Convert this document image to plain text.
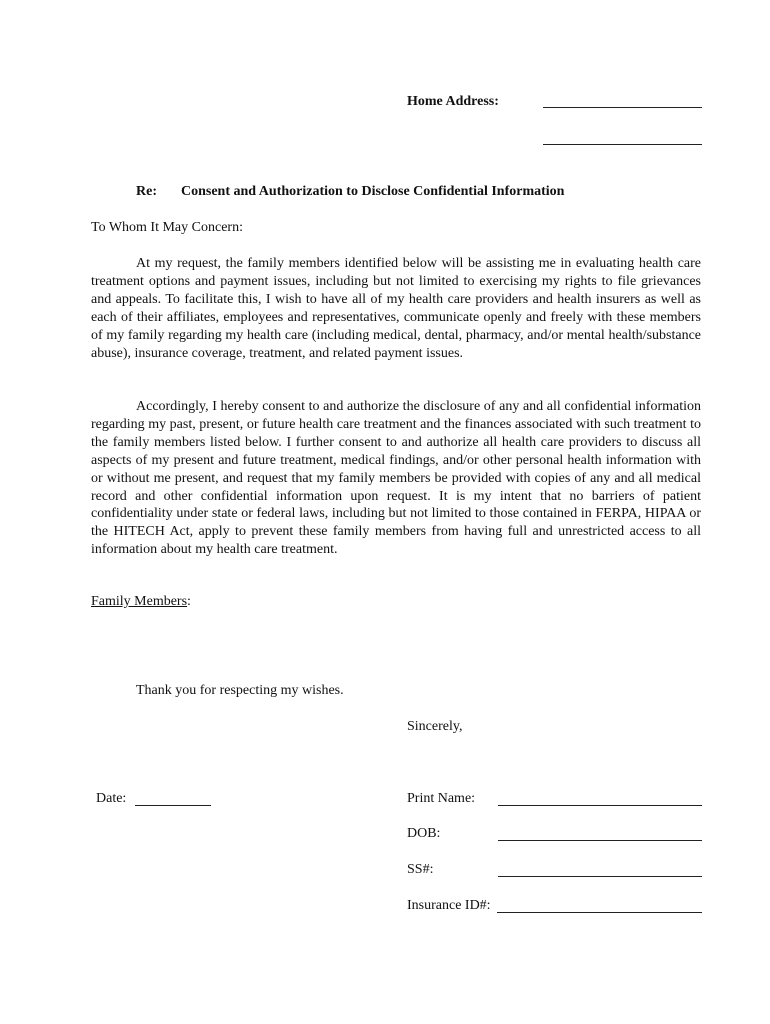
Home Address:
Re: Consent and Authorization to Disclose Confidential Information
To Whom It May Concern:

At my request, the family members identified below will be assisting me in evaluating health care treatment options and payment issues, including but not limited to exercising my rights to file grievances and appeals. To facilitate this, I wish to have all of my health care providers and health insurers as well as each of their affiliates, employees and representatives, communicate openly and freely with these members of my family regarding my health care (including medical, dental, pharmacy, and/or mental health/substance abuse), insurance coverage, treatment, and related payment issues.

Accordingly, I hereby consent to and authorize the disclosure of any and all confidential information regarding my past, present, or future health care treatment and the finances associated with such treatment to the family members listed below. I further consent to and authorize all health care providers to discuss all aspects of my present and future treatment, medical findings, and/or other personal health information with or without me present, and request that my family members be provided with copies of any and all medical record and other confidential information upon request. It is my intent that no barriers of patient confidentiality under state or federal laws, including but not limited to those contained in FERPA, HIPAA or the HITECH Act, apply to prevent these family members from having full and unrestricted access to all information about my health care treatment.

Family Members:
Thank you for respecting my wishes.
Sincerely,
Date:	Print Name:
DOB:
SS#:
Insurance ID#:
